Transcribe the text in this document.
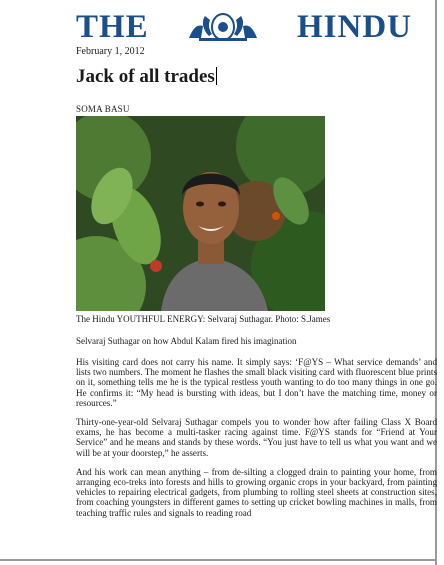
THE	HINDU
February 1, 2012
Jack of all trades
SOMA BASU
The Hindu YOUTHFUL ENERGY: Selvaraj Suthagar. Photo: S.James
Selvaraj Suthagar on how Abdul Kalam fired his imagination

His visiting card does not carry his name. It simply says: ‘F@YS – What service demands’ and lists two numbers. The moment he flashes the small black visiting card with fluorescent blue prints on it, something tells me he is the typical restless youth wanting to do too many things in one go. He confirms it: “My head is bursting with ideas, but I don’t have the matching time, money or resources.”

Thirty-one-year-old Selvaraj Suthagar compels you to wonder how after failing Class X Board exams, he has become a multi-tasker racing against time. F@YS stands for “Friend at Your Service” and he means and stands by these words. “You just have to tell us what you want and we will be at your doorstep,” he asserts.

And his work can mean anything – from de-silting a clogged drain to painting your home, from arranging eco-treks into forests and hills to growing organic crops in your backyard, from painting vehicles to repairing electrical gadgets, from plumbing to rolling steel sheets at construction sites, from coaching youngsters in different games to setting up cricket bowling machines in malls, from teaching traffic rules and signals to reading road
